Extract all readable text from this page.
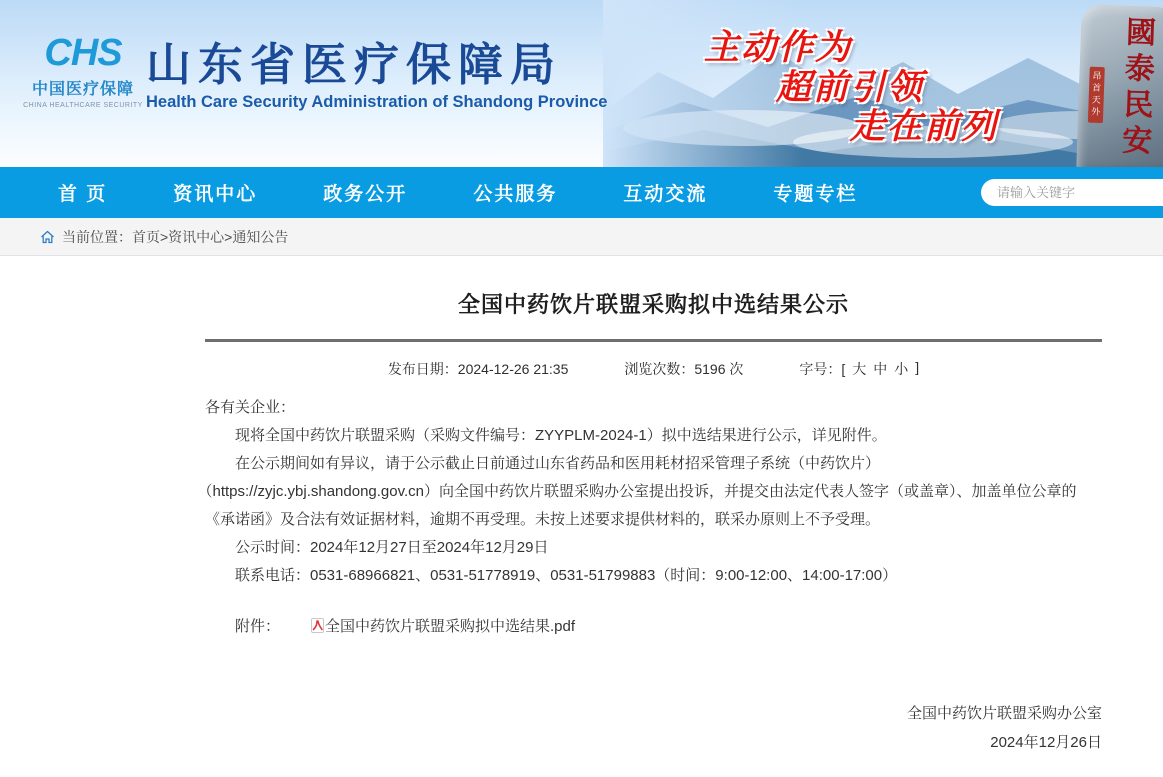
昂首天外 國泰民安
主动作为
超前引领
走在前列
CHS
中国医疗保障
CHINA HEALTHCARE SECURITY
山东省医疗保障局
Health Care Security Administration of Shandong Province
首 页	资讯中心	政务公开	公共服务	互动交流	专题专栏
请输入关键字
当前位置：首页>资讯中心>通知公告
全国中药饮片联盟采购拟中选结果公示
发布日期：2024-12-26 21:35	浏览次数：5196 次	字号：[ 大 中 小 ]

各有关企业：

现将全国中药饮片联盟采购（采购文件编号：ZYYPLM-2024-1）拟中选结果进行公示，详见附件。

在公示期间如有异议，请于公示截止日前通过山东省药品和医用耗材招采管理子系统（中药饮片）（https://zyjc.ybj.shandong.gov.cn）向全国中药饮片联盟采购办公室提出投诉，并提交由法定代表人签字（或盖章）、加盖单位公章的《承诺函》及合法有效证据材料，逾期不再受理。未按上述要求提供材料的，联采办原则上不予受理。

公示时间：2024年12月27日至2024年12月29日

联系电话：0531-68966821、0531-51778919、0531-51799883（时间：9:00-12:00、14:00-17:00）

附件：	全国中药饮片联盟采购拟中选结果.pdf
全国中药饮片联盟采购办公室
2024年12月26日
